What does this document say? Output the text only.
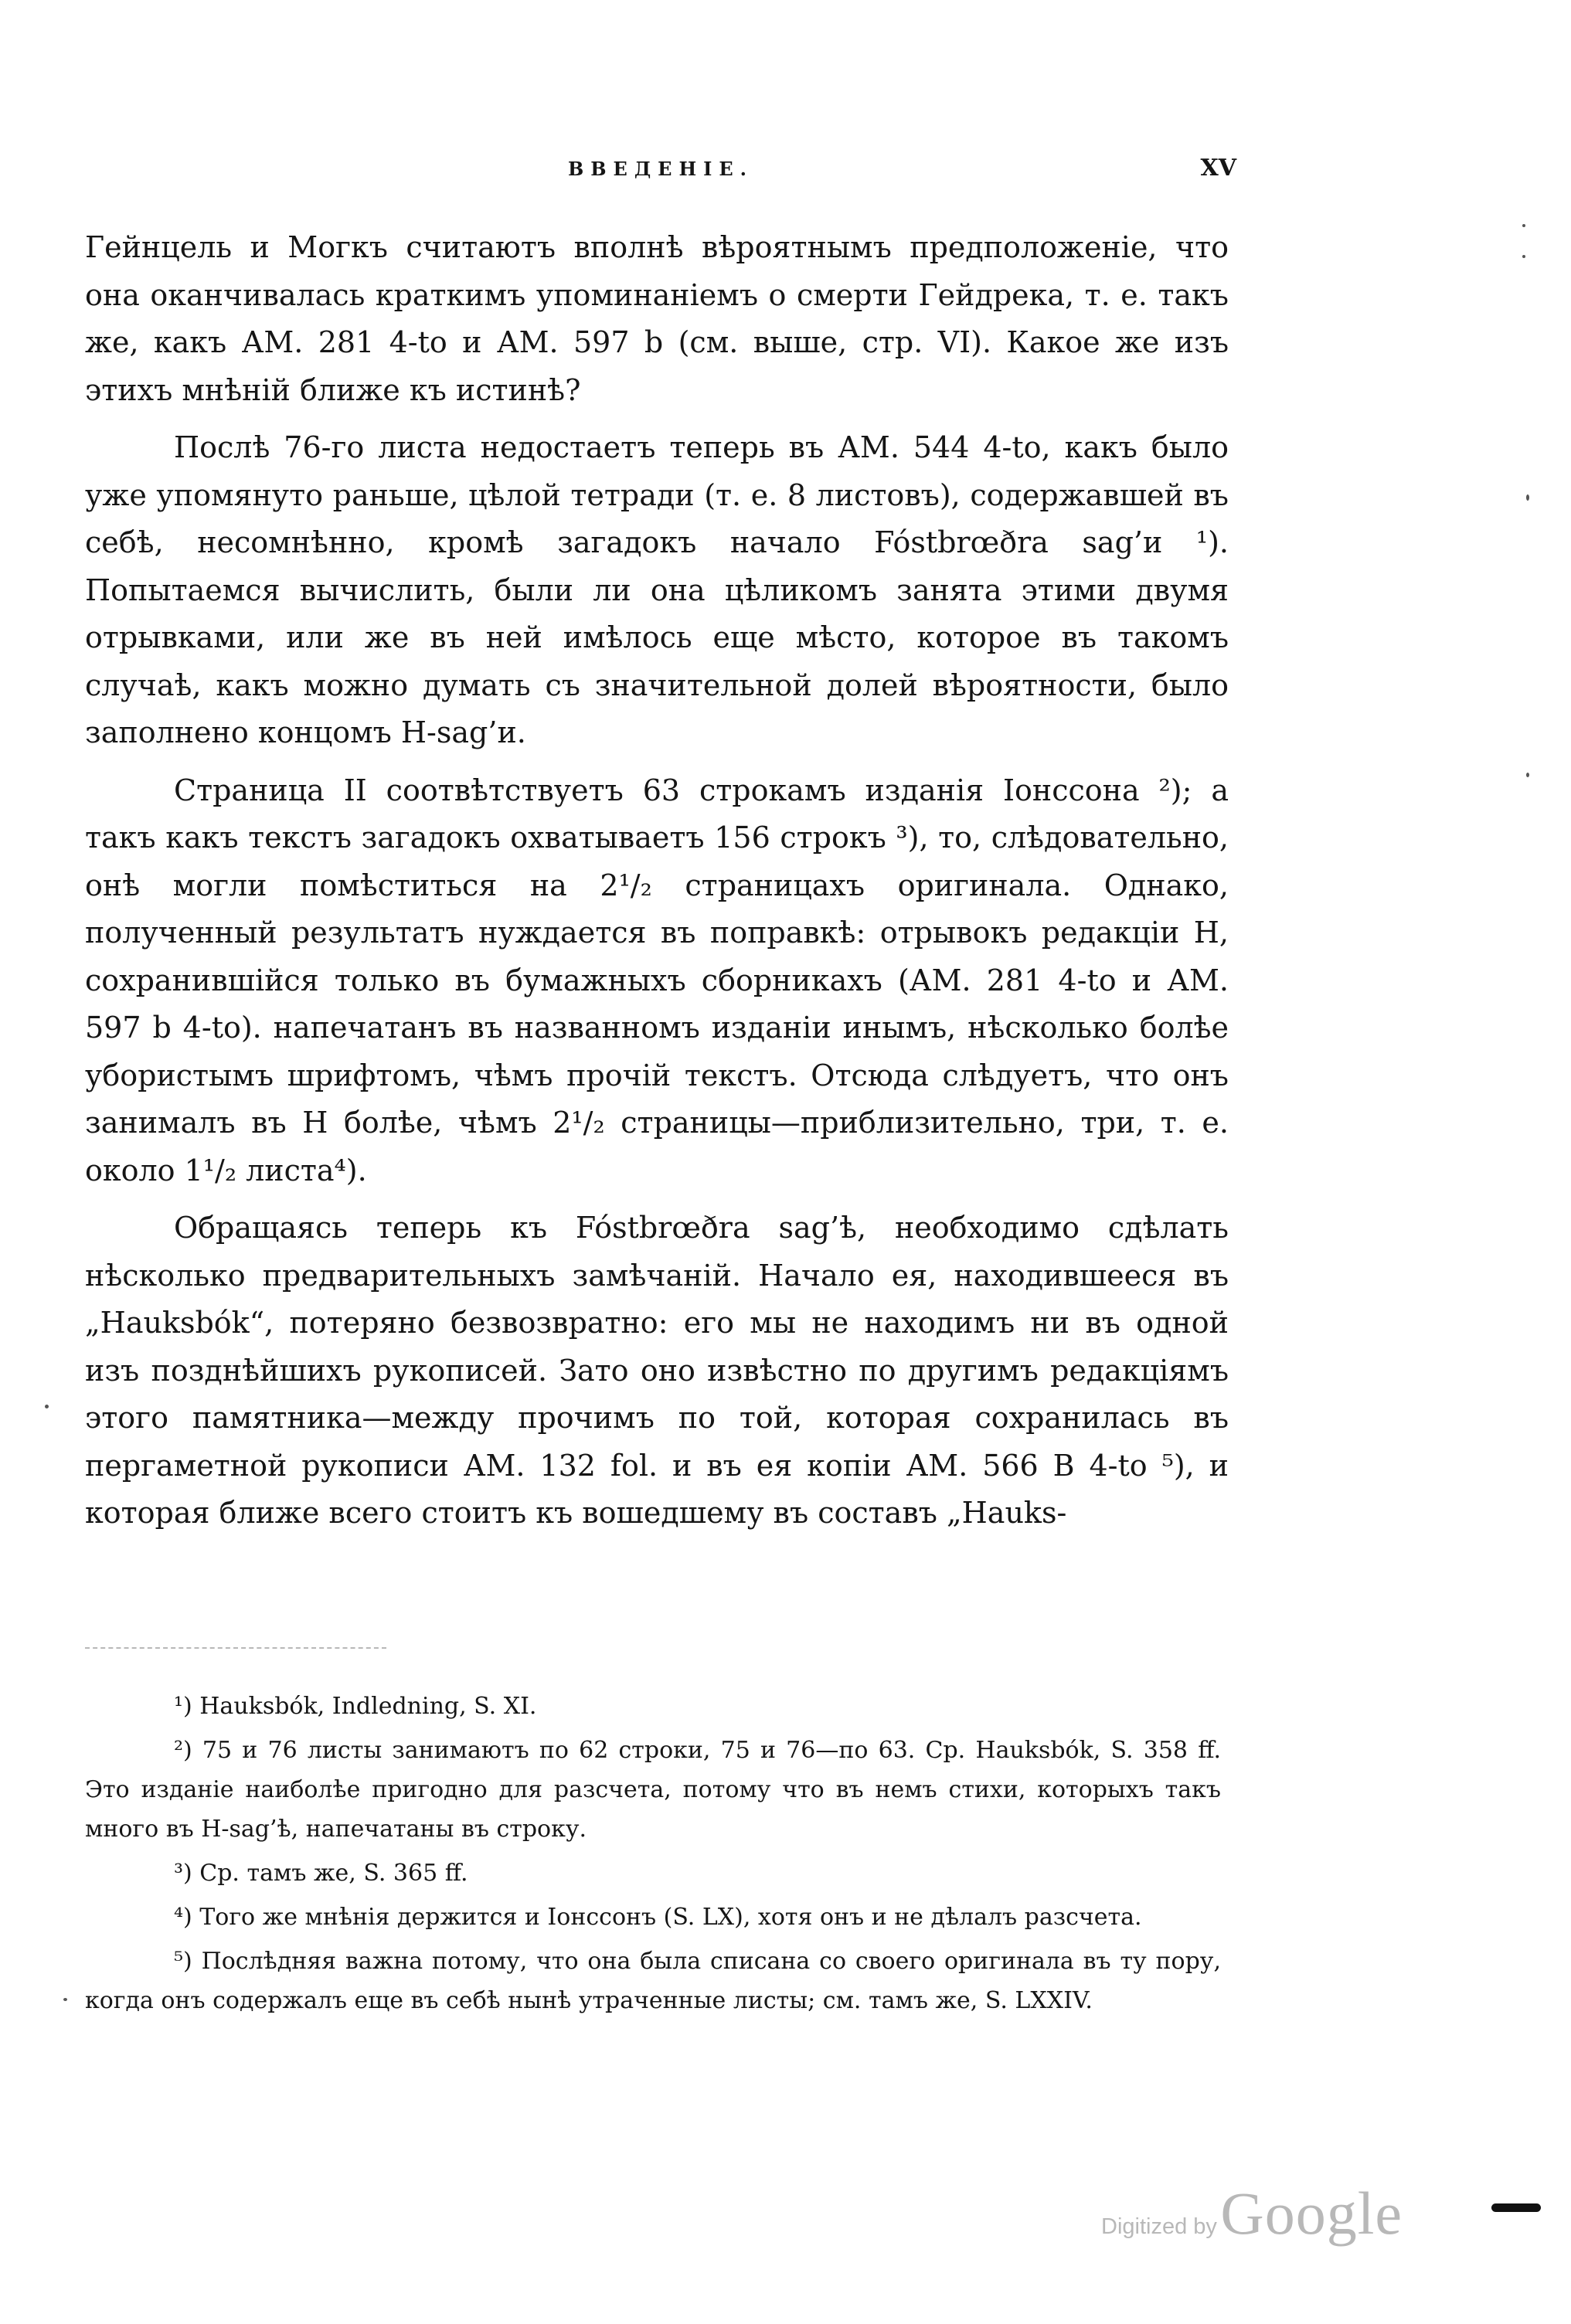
ВВЕДЕНІЕ.	XV

Гейнцель и Могкъ считаютъ вполнѣ вѣроятнымъ предположеніе, что она оканчивалась краткимъ упоминаніемъ о смерти Гейдрека, т. е. такъ же, какъ АМ. 281 4-to и АМ. 597 b (см. выше, стр. VI). Какое же изъ этихъ мнѣній ближе къ истинѣ?

Послѣ 76-го листа недостаетъ теперь въ АМ. 544 4-to, какъ было уже упомянуто раньше, цѣлой тетради (т. е. 8 листовъ), содержавшей въ себѣ, несомнѣнно, кромѣ загадокъ начало Fóstbrœðra sag’и ¹). Попытаемся вычислить, были ли она цѣликомъ занята этими двумя отрывками, или же въ ней имѣлось еще мѣсто, которое въ такомъ случаѣ, какъ можно думать съ значительной долей вѣроятности, было заполнено концомъ H-sag’и.

Страница II соотвѣтствуетъ 63 строкамъ изданія Іонссона ²); а такъ какъ текстъ загадокъ охватываетъ 156 строкъ ³), то, слѣдовательно, онѣ могли помѣститься на 2¹/₂ страницахъ оригинала. Однако, полученный результатъ нуждается въ поправкѣ: отрывокъ редакціи H, сохранившійся только въ бумажныхъ сборникахъ (АМ. 281 4-to и АМ. 597 b 4-to). напечатанъ въ названномъ изданіи инымъ, нѣсколько болѣе убористымъ шрифтомъ, чѣмъ прочій текстъ. Отсюда слѣдуетъ, что онъ занималъ въ H болѣе, чѣмъ 2¹/₂ страницы—приблизительно, три, т. е. около 1¹/₂ листа⁴).

Обращаясь теперь къ Fóstbrœðra sag’ѣ, необходимо сдѣлать нѣсколько предварительныхъ замѣчаній. Начало ея, находившееся въ „Hauksbók“, потеряно безвозвратно: его мы не находимъ ни въ одной изъ позднѣйшихъ рукописей. Зато оно извѣстно по другимъ редакціямъ этого памятника—между прочимъ по той, которая сохранилась въ пергаметной рукописи АМ. 132 fol. и въ ея копіи АМ. 566 B 4-to ⁵), и которая ближе всего стоитъ къ вошедшему въ составъ „Hauks-

¹) Hauksbók, Indledning, S. XI.

²) 75 и 76 листы занимаютъ по 62 строки, 75 и 76—по 63. Ср. Hauksbók, S. 358 ff. Это изданіе наиболѣе пригодно для разсчета, потому что въ немъ стихи, которыхъ такъ много въ H-sag’ѣ, напечатаны въ строку.

³) Ср. тамъ же, S. 365 ff.

⁴) Того же мнѣнія держится и Іонссонъ (S. LX), хотя онъ и не дѣлалъ разсчета.

⁵) Послѣдняя важна потому, что она была списана со своего оригинала въ ту пору, когда онъ содержалъ еще въ себѣ нынѣ утраченные листы; см. тамъ же, S. LXXIV.

Digitized by Google
